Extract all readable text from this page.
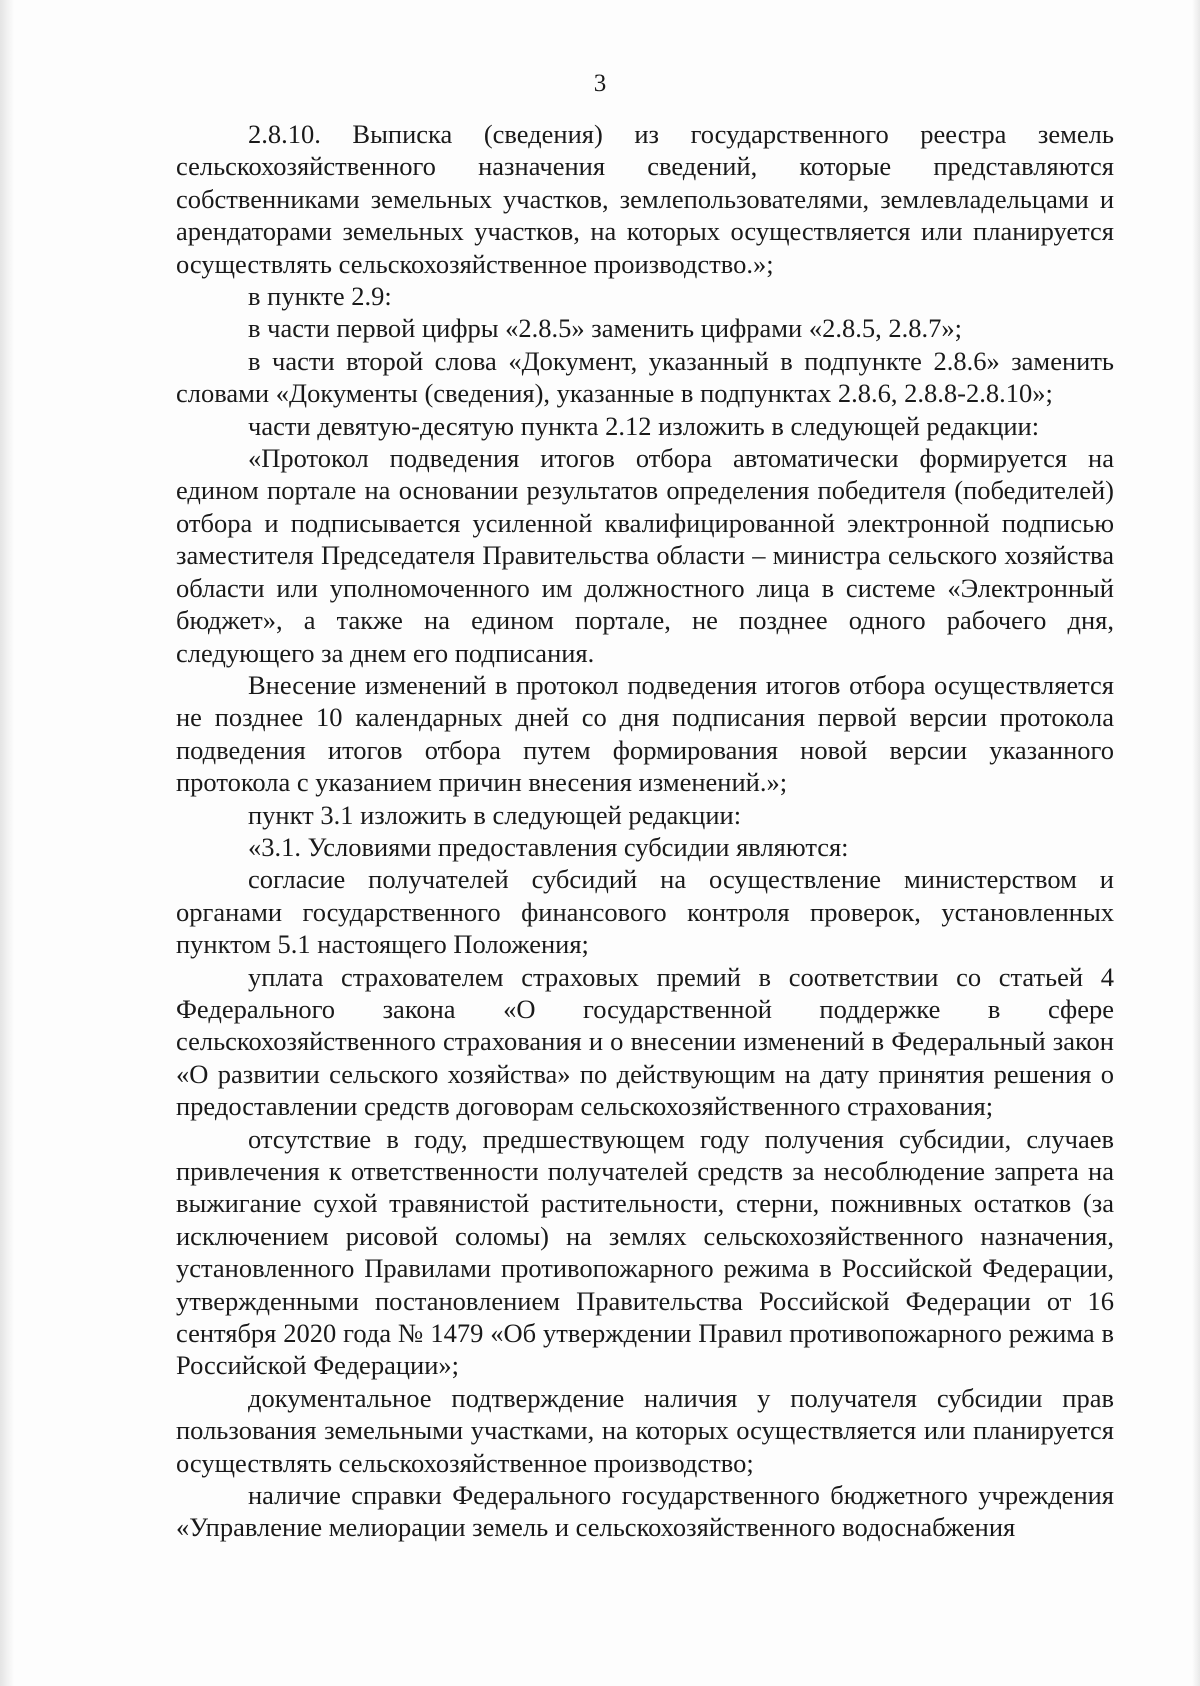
3

2.8.10. Выписка (сведения) из государственного реестра земель сельскохозяйственного назначения сведений, которые представляются собственниками земельных участков, землепользователями, землевладельцами и арендаторами земельных участков, на которых осуществляется или планируется осуществлять сельскохозяйственное производство.»;

в пункте 2.9:

в части первой цифры «2.8.5» заменить цифрами «2.8.5, 2.8.7»;

в части второй слова «Документ, указанный в подпункте 2.8.6» заменить словами «Документы (сведения), указанные в подпунктах 2.8.6, 2.8.8-2.8.10»;

части девятую-десятую пункта 2.12 изложить в следующей редакции:

«Протокол подведения итогов отбора автоматически формируется на едином портале на основании результатов определения победителя (победителей) отбора и подписывается усиленной квалифицированной электронной подписью заместителя Председателя Правительства области – министра сельского хозяйства области или уполномоченного им должностного лица в системе «Электронный бюджет», а также на едином портале, не позднее одного рабочего дня, следующего за днем его подписания.

Внесение изменений в протокол подведения итогов отбора осуществляется не позднее 10 календарных дней со дня подписания первой версии протокола подведения итогов отбора путем формирования новой версии указанного протокола с указанием причин внесения изменений.»;

пункт 3.1 изложить в следующей редакции:

«3.1. Условиями предоставления субсидии являются:

согласие получателей субсидий на осуществление министерством и органами государственного финансового контроля проверок, установленных пунктом 5.1 настоящего Положения;

уплата страхователем страховых премий в соответствии со статьей 4 Федерального закона «О государственной поддержке в сфере сельскохозяйственного страхования и о внесении изменений в Федеральный закон «О развитии сельского хозяйства» по действующим на дату принятия решения о предоставлении средств договорам сельскохозяйственного страхования;

отсутствие в году, предшествующем году получения субсидии, случаев привлечения к ответственности получателей средств за несоблюдение запрета на выжигание сухой травянистой растительности, стерни, пожнивных остатков (за исключением рисовой соломы) на землях сельскохозяйственного назначения, установленного Правилами противопожарного режима в Российской Федерации, утвержденными постановлением Правительства Российской Федерации от 16 сентября 2020 года № 1479 «Об утверждении Правил противопожарного режима в Российской Федерации»;

документальное подтверждение наличия у получателя субсидии прав пользования земельными участками, на которых осуществляется или планируется осуществлять сельскохозяйственное производство;

наличие справки Федерального государственного бюджетного учреждения «Управление мелиорации земель и сельскохозяйственного водоснабжения
